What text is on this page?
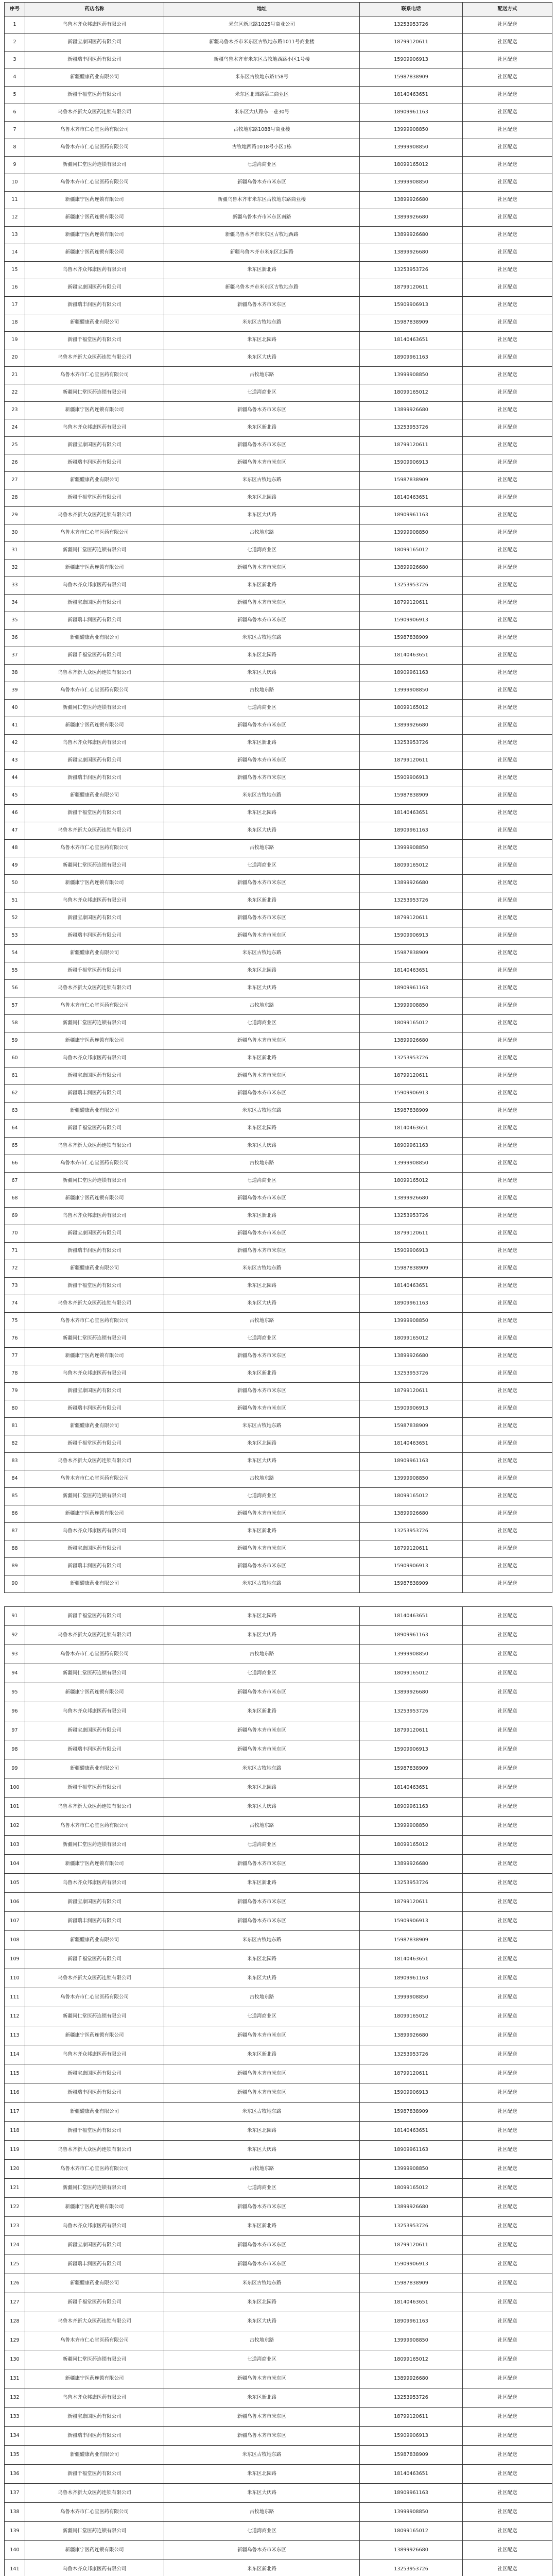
序号	药店名称	地址	联系电话	配送方式
1	乌鲁木齐众邦康医药有限公司	米东区新北路1025号商业公司	13253953726	社区配送
2	新疆宝康国医药有限公司	新疆乌鲁木齐市米东区古牧地东路1011号商业楼	18799120611	社区配送
3	新疆瑞丰润医药有限公司	新疆乌鲁木齐市米东区古牧地西路小区1号楼	15909906913	社区配送
4	新疆醴康药业有限公司	米东区古牧地东路158号	15987838909	社区配送
5	新疆千福堂医药有限公司	米东区北园路第二商业区	18140463651	社区配送
6	乌鲁木齐新大众医药连锁有限公司	米东区大庆路东一巷30号	18909961163	社区配送
7	乌鲁木齐市仁心堂医药有限公司	古牧地东路1088号商业楼	13999908850	社区配送
8	乌鲁木齐市仁心堂医药有限公司	古牧地西路1018号小区1栋	13999908850	社区配送
9	新疆同仁堂医药连锁有限公司	七道湾商业区	18099165012	社区配送
10	乌鲁木齐市仁心堂医药有限公司	新疆乌鲁木齐市米东区	13999908850	社区配送
11	新疆康宁医药连锁有限公司	新疆乌鲁木齐市米东区古牧地东路商业楼	13899926680	社区配送
12	新疆康宁医药连锁有限公司	新疆乌鲁木齐市米东区南路	13899926680	社区配送
13	新疆康宁医药连锁有限公司	新疆乌鲁木齐市米东区古牧地西路	13899926680	社区配送
14	新疆康宁医药连锁有限公司	新疆乌鲁木齐市米东区北园路	13899926680	社区配送
15	乌鲁木齐众邦康医药有限公司	米东区新北路	13253953726	社区配送
16	新疆宝康国医药有限公司	新疆乌鲁木齐市米东区古牧地东路	18799120611	社区配送
17	新疆瑞丰润医药有限公司	新疆乌鲁木齐市米东区	15909906913	社区配送
18	新疆醴康药业有限公司	米东区古牧地东路	15987838909	社区配送
19	新疆千福堂医药有限公司	米东区北园路	18140463651	社区配送
20	乌鲁木齐新大众医药连锁有限公司	米东区大庆路	18909961163	社区配送
21	乌鲁木齐市仁心堂医药有限公司	古牧地东路	13999908850	社区配送
22	新疆同仁堂医药连锁有限公司	七道湾商业区	18099165012	社区配送
23	新疆康宁医药连锁有限公司	新疆乌鲁木齐市米东区	13899926680	社区配送
24	乌鲁木齐众邦康医药有限公司	米东区新北路	13253953726	社区配送
25	新疆宝康国医药有限公司	新疆乌鲁木齐市米东区	18799120611	社区配送
26	新疆瑞丰润医药有限公司	新疆乌鲁木齐市米东区	15909906913	社区配送
27	新疆醴康药业有限公司	米东区古牧地东路	15987838909	社区配送
28	新疆千福堂医药有限公司	米东区北园路	18140463651	社区配送
29	乌鲁木齐新大众医药连锁有限公司	米东区大庆路	18909961163	社区配送
30	乌鲁木齐市仁心堂医药有限公司	古牧地东路	13999908850	社区配送
31	新疆同仁堂医药连锁有限公司	七道湾商业区	18099165012	社区配送
32	新疆康宁医药连锁有限公司	新疆乌鲁木齐市米东区	13899926680	社区配送
33	乌鲁木齐众邦康医药有限公司	米东区新北路	13253953726	社区配送
34	新疆宝康国医药有限公司	新疆乌鲁木齐市米东区	18799120611	社区配送
35	新疆瑞丰润医药有限公司	新疆乌鲁木齐市米东区	15909906913	社区配送
36	新疆醴康药业有限公司	米东区古牧地东路	15987838909	社区配送
37	新疆千福堂医药有限公司	米东区北园路	18140463651	社区配送
38	乌鲁木齐新大众医药连锁有限公司	米东区大庆路	18909961163	社区配送
39	乌鲁木齐市仁心堂医药有限公司	古牧地东路	13999908850	社区配送
40	新疆同仁堂医药连锁有限公司	七道湾商业区	18099165012	社区配送
41	新疆康宁医药连锁有限公司	新疆乌鲁木齐市米东区	13899926680	社区配送
42	乌鲁木齐众邦康医药有限公司	米东区新北路	13253953726	社区配送
43	新疆宝康国医药有限公司	新疆乌鲁木齐市米东区	18799120611	社区配送
44	新疆瑞丰润医药有限公司	新疆乌鲁木齐市米东区	15909906913	社区配送
45	新疆醴康药业有限公司	米东区古牧地东路	15987838909	社区配送
46	新疆千福堂医药有限公司	米东区北园路	18140463651	社区配送
47	乌鲁木齐新大众医药连锁有限公司	米东区大庆路	18909961163	社区配送
48	乌鲁木齐市仁心堂医药有限公司	古牧地东路	13999908850	社区配送
49	新疆同仁堂医药连锁有限公司	七道湾商业区	18099165012	社区配送
50	新疆康宁医药连锁有限公司	新疆乌鲁木齐市米东区	13899926680	社区配送
51	乌鲁木齐众邦康医药有限公司	米东区新北路	13253953726	社区配送
52	新疆宝康国医药有限公司	新疆乌鲁木齐市米东区	18799120611	社区配送
53	新疆瑞丰润医药有限公司	新疆乌鲁木齐市米东区	15909906913	社区配送
54	新疆醴康药业有限公司	米东区古牧地东路	15987838909	社区配送
55	新疆千福堂医药有限公司	米东区北园路	18140463651	社区配送
56	乌鲁木齐新大众医药连锁有限公司	米东区大庆路	18909961163	社区配送
57	乌鲁木齐市仁心堂医药有限公司	古牧地东路	13999908850	社区配送
58	新疆同仁堂医药连锁有限公司	七道湾商业区	18099165012	社区配送
59	新疆康宁医药连锁有限公司	新疆乌鲁木齐市米东区	13899926680	社区配送
60	乌鲁木齐众邦康医药有限公司	米东区新北路	13253953726	社区配送
61	新疆宝康国医药有限公司	新疆乌鲁木齐市米东区	18799120611	社区配送
62	新疆瑞丰润医药有限公司	新疆乌鲁木齐市米东区	15909906913	社区配送
63	新疆醴康药业有限公司	米东区古牧地东路	15987838909	社区配送
64	新疆千福堂医药有限公司	米东区北园路	18140463651	社区配送
65	乌鲁木齐新大众医药连锁有限公司	米东区大庆路	18909961163	社区配送
66	乌鲁木齐市仁心堂医药有限公司	古牧地东路	13999908850	社区配送
67	新疆同仁堂医药连锁有限公司	七道湾商业区	18099165012	社区配送
68	新疆康宁医药连锁有限公司	新疆乌鲁木齐市米东区	13899926680	社区配送
69	乌鲁木齐众邦康医药有限公司	米东区新北路	13253953726	社区配送
70	新疆宝康国医药有限公司	新疆乌鲁木齐市米东区	18799120611	社区配送
71	新疆瑞丰润医药有限公司	新疆乌鲁木齐市米东区	15909906913	社区配送
72	新疆醴康药业有限公司	米东区古牧地东路	15987838909	社区配送
73	新疆千福堂医药有限公司	米东区北园路	18140463651	社区配送
74	乌鲁木齐新大众医药连锁有限公司	米东区大庆路	18909961163	社区配送
75	乌鲁木齐市仁心堂医药有限公司	古牧地东路	13999908850	社区配送
76	新疆同仁堂医药连锁有限公司	七道湾商业区	18099165012	社区配送
77	新疆康宁医药连锁有限公司	新疆乌鲁木齐市米东区	13899926680	社区配送
78	乌鲁木齐众邦康医药有限公司	米东区新北路	13253953726	社区配送
79	新疆宝康国医药有限公司	新疆乌鲁木齐市米东区	18799120611	社区配送
80	新疆瑞丰润医药有限公司	新疆乌鲁木齐市米东区	15909906913	社区配送
81	新疆醴康药业有限公司	米东区古牧地东路	15987838909	社区配送
82	新疆千福堂医药有限公司	米东区北园路	18140463651	社区配送
83	乌鲁木齐新大众医药连锁有限公司	米东区大庆路	18909961163	社区配送
84	乌鲁木齐市仁心堂医药有限公司	古牧地东路	13999908850	社区配送
85	新疆同仁堂医药连锁有限公司	七道湾商业区	18099165012	社区配送
86	新疆康宁医药连锁有限公司	新疆乌鲁木齐市米东区	13899926680	社区配送
87	乌鲁木齐众邦康医药有限公司	米东区新北路	13253953726	社区配送
88	新疆宝康国医药有限公司	新疆乌鲁木齐市米东区	18799120611	社区配送
89	新疆瑞丰润医药有限公司	新疆乌鲁木齐市米东区	15909906913	社区配送
90	新疆醴康药业有限公司	米东区古牧地东路	15987838909	社区配送
91	新疆千福堂医药有限公司	米东区北园路	18140463651	社区配送
92	乌鲁木齐新大众医药连锁有限公司	米东区大庆路	18909961163	社区配送
93	乌鲁木齐市仁心堂医药有限公司	古牧地东路	13999908850	社区配送
94	新疆同仁堂医药连锁有限公司	七道湾商业区	18099165012	社区配送
95	新疆康宁医药连锁有限公司	新疆乌鲁木齐市米东区	13899926680	社区配送
96	乌鲁木齐众邦康医药有限公司	米东区新北路	13253953726	社区配送
97	新疆宝康国医药有限公司	新疆乌鲁木齐市米东区	18799120611	社区配送
98	新疆瑞丰润医药有限公司	新疆乌鲁木齐市米东区	15909906913	社区配送
99	新疆醴康药业有限公司	米东区古牧地东路	15987838909	社区配送
100	新疆千福堂医药有限公司	米东区北园路	18140463651	社区配送
101	乌鲁木齐新大众医药连锁有限公司	米东区大庆路	18909961163	社区配送
102	乌鲁木齐市仁心堂医药有限公司	古牧地东路	13999908850	社区配送
103	新疆同仁堂医药连锁有限公司	七道湾商业区	18099165012	社区配送
104	新疆康宁医药连锁有限公司	新疆乌鲁木齐市米东区	13899926680	社区配送
105	乌鲁木齐众邦康医药有限公司	米东区新北路	13253953726	社区配送
106	新疆宝康国医药有限公司	新疆乌鲁木齐市米东区	18799120611	社区配送
107	新疆瑞丰润医药有限公司	新疆乌鲁木齐市米东区	15909906913	社区配送
108	新疆醴康药业有限公司	米东区古牧地东路	15987838909	社区配送
109	新疆千福堂医药有限公司	米东区北园路	18140463651	社区配送
110	乌鲁木齐新大众医药连锁有限公司	米东区大庆路	18909961163	社区配送
111	乌鲁木齐市仁心堂医药有限公司	古牧地东路	13999908850	社区配送
112	新疆同仁堂医药连锁有限公司	七道湾商业区	18099165012	社区配送
113	新疆康宁医药连锁有限公司	新疆乌鲁木齐市米东区	13899926680	社区配送
114	乌鲁木齐众邦康医药有限公司	米东区新北路	13253953726	社区配送
115	新疆宝康国医药有限公司	新疆乌鲁木齐市米东区	18799120611	社区配送
116	新疆瑞丰润医药有限公司	新疆乌鲁木齐市米东区	15909906913	社区配送
117	新疆醴康药业有限公司	米东区古牧地东路	15987838909	社区配送
118	新疆千福堂医药有限公司	米东区北园路	18140463651	社区配送
119	乌鲁木齐新大众医药连锁有限公司	米东区大庆路	18909961163	社区配送
120	乌鲁木齐市仁心堂医药有限公司	古牧地东路	13999908850	社区配送
121	新疆同仁堂医药连锁有限公司	七道湾商业区	18099165012	社区配送
122	新疆康宁医药连锁有限公司	新疆乌鲁木齐市米东区	13899926680	社区配送
123	乌鲁木齐众邦康医药有限公司	米东区新北路	13253953726	社区配送
124	新疆宝康国医药有限公司	新疆乌鲁木齐市米东区	18799120611	社区配送
125	新疆瑞丰润医药有限公司	新疆乌鲁木齐市米东区	15909906913	社区配送
126	新疆醴康药业有限公司	米东区古牧地东路	15987838909	社区配送
127	新疆千福堂医药有限公司	米东区北园路	18140463651	社区配送
128	乌鲁木齐新大众医药连锁有限公司	米东区大庆路	18909961163	社区配送
129	乌鲁木齐市仁心堂医药有限公司	古牧地东路	13999908850	社区配送
130	新疆同仁堂医药连锁有限公司	七道湾商业区	18099165012	社区配送
131	新疆康宁医药连锁有限公司	新疆乌鲁木齐市米东区	13899926680	社区配送
132	乌鲁木齐众邦康医药有限公司	米东区新北路	13253953726	社区配送
133	新疆宝康国医药有限公司	新疆乌鲁木齐市米东区	18799120611	社区配送
134	新疆瑞丰润医药有限公司	新疆乌鲁木齐市米东区	15909906913	社区配送
135	新疆醴康药业有限公司	米东区古牧地东路	15987838909	社区配送
136	新疆千福堂医药有限公司	米东区北园路	18140463651	社区配送
137	乌鲁木齐新大众医药连锁有限公司	米东区大庆路	18909961163	社区配送
138	乌鲁木齐市仁心堂医药有限公司	古牧地东路	13999908850	社区配送
139	新疆同仁堂医药连锁有限公司	七道湾商业区	18099165012	社区配送
140	新疆康宁医药连锁有限公司	新疆乌鲁木齐市米东区	13899926680	社区配送
141	乌鲁木齐众邦康医药有限公司	米东区新北路	13253953726	社区配送
